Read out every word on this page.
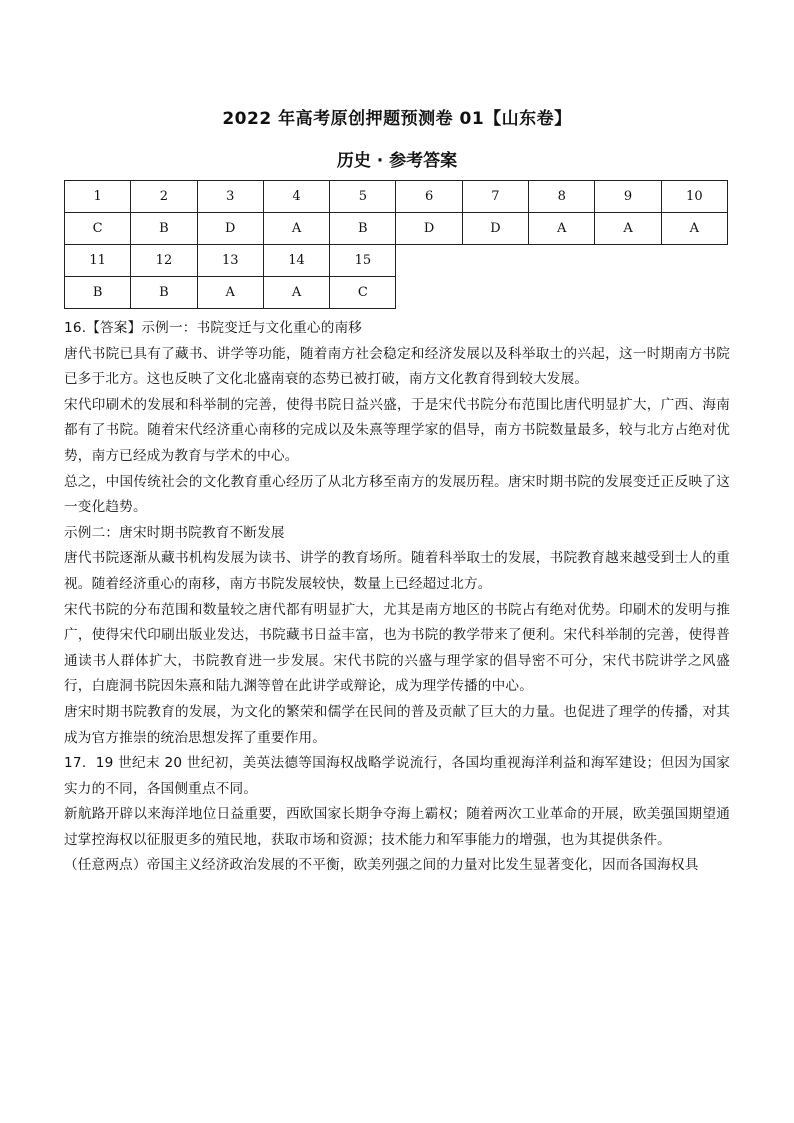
2022 年高考原创押题预测卷 01【山东卷】
历史 · 参考答案
1	2	3	4	5	6	7	8	9	10
C	B	D	A	B	D	D	A	A	A
11	12	13	14	15
B	B	A	A	C

16.【答案】示例一：书院变迁与文化重心的南移

唐代书院已具有了藏书、讲学等功能，随着南方社会稳定和经济发展以及科举取士的兴起，这一时期南方书院已多于北方。这也反映了文化北盛南衰的态势已被打破，南方文化教育得到较大发展。

宋代印刷术的发展和科举制的完善，使得书院日益兴盛，于是宋代书院分布范围比唐代明显扩大，广西、海南都有了书院。随着宋代经济重心南移的完成以及朱熹等理学家的倡导，南方书院数量最多，较与北方占绝对优势，南方已经成为教育与学术的中心。

总之，中国传统社会的文化教育重心经历了从北方移至南方的发展历程。唐宋时期书院的发展变迁正反映了这一变化趋势。

示例二：唐宋时期书院教育不断发展

唐代书院逐渐从藏书机构发展为读书、讲学的教育场所。随着科举取士的发展，书院教育越来越受到士人的重视。随着经济重心的南移，南方书院发展较快，数量上已经超过北方。

宋代书院的分布范围和数量较之唐代都有明显扩大，尤其是南方地区的书院占有绝对优势。印刷术的发明与推广，使得宋代印刷出版业发达，书院藏书日益丰富，也为书院的教学带来了便利。宋代科举制的完善，使得普通读书人群体扩大，书院教育进一步发展。宋代书院的兴盛与理学家的倡导密不可分，宋代书院讲学之风盛行，白鹿洞书院因朱熹和陆九渊等曾在此讲学或辩论，成为理学传播的中心。

唐宋时期书院教育的发展，为文化的繁荣和儒学在民间的普及贡献了巨大的力量。也促进了理学的传播，对其成为官方推崇的统治思想发挥了重要作用。

17．19 世纪末 20 世纪初，美英法德等国海权战略学说流行，各国均重视海洋利益和海军建设；但因为国家实力的不同，各国侧重点不同。

新航路开辟以来海洋地位日益重要，西欧国家长期争夺海上霸权；随着两次工业革命的开展，欧美强国期望通过掌控海权以征服更多的殖民地，获取市场和资源；技术能力和军事能力的增强，也为其提供条件。

（任意两点）帝国主义经济政治发展的不平衡，欧美列强之间的力量对比发生显著变化，因而各国海权具
